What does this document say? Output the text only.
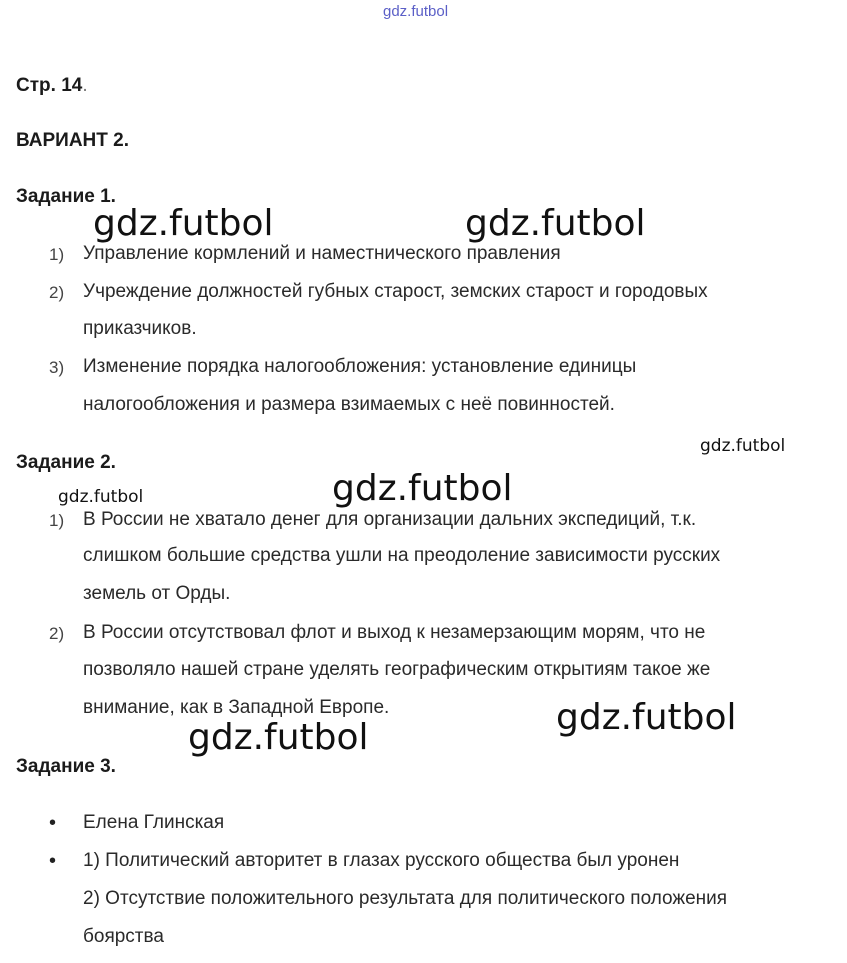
gdz.futbol
Стр. 14.
ВАРИАНТ 2.
Задание 1.
1) Управление кормлений и наместнического правления
2) Учреждение должностей губных старост, земских старост и городовых
приказчиков.
3) Изменение порядка налогообложения: установление единицы
налогообложения и размера взимаемых с неё повинностей.
Задание 2.
1) В России не хватало денег для организации дальних экспедиций, т.к.
слишком большие средства ушли на преодоление зависимости русских
земель от Орды.
2) В России отсутствовал флот и выход к незамерзающим морям, что не
позволяло нашей стране уделять географическим открытиям такое же
внимание, как в Западной Европе.
Задание 3.
• Елена Глинская
• 1) Политический авторитет в глазах русского общества был уронен
2) Отсутствие положительного результата для политического положения
боярства
gdz.futbol	gdz.futbol
gdz.futbol
gdz.futbol	gdz.futbol
gdz.futbol
gdz.futbol
